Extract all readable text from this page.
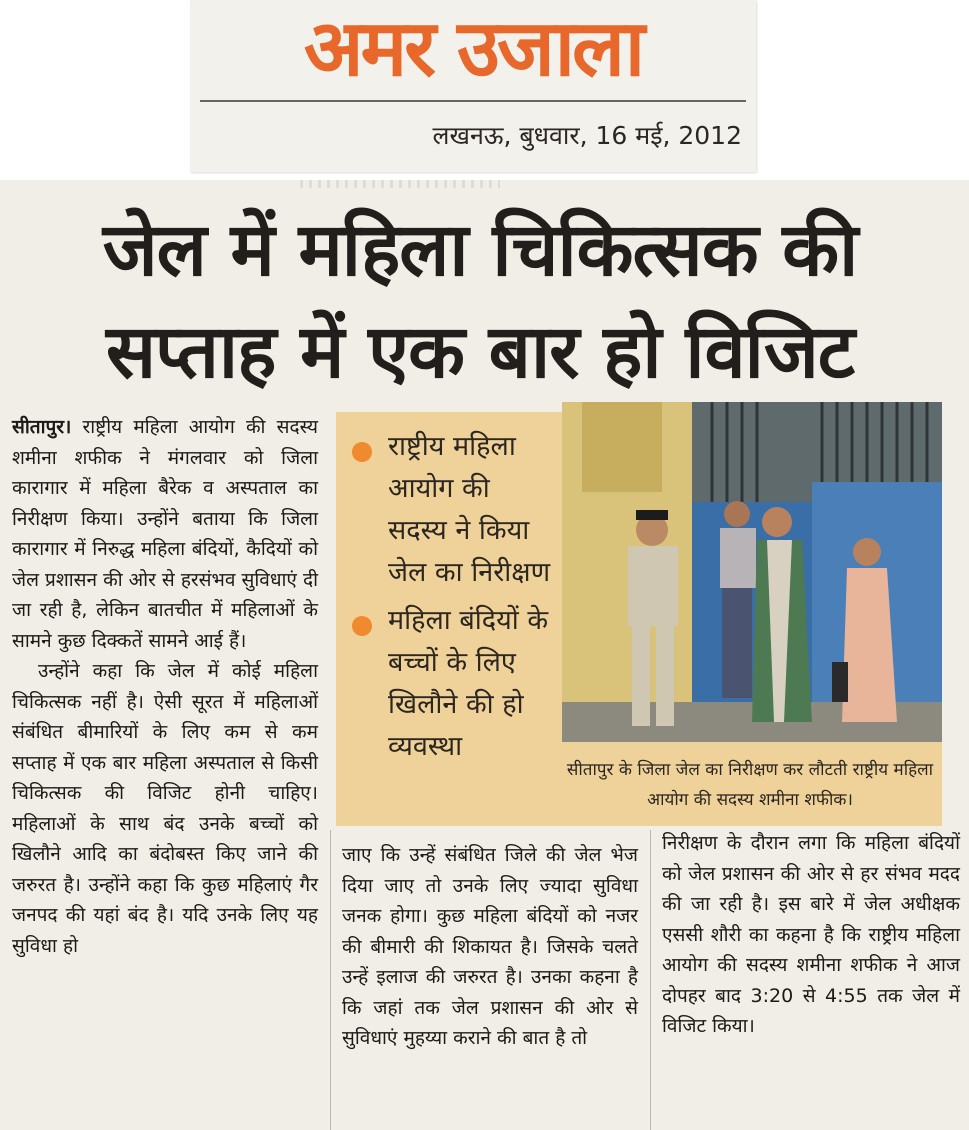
अमर उजाला
लखनऊ, बुधवार, 16 मई, 2012
जेल में महिला चिकित्सक की
सप्ताह में एक बार हो विजिट

सीतापुर। राष्ट्रीय महिला आयोग की सदस्य शमीना शफीक ने मंगलवार को जिला कारागार में महिला बैरेक व अस्पताल का निरीक्षण किया। उन्होंने बताया कि जिला कारागार में निरुद्ध महिला बंदियों, कैदियों को जेल प्रशासन की ओर से हरसंभव सुविधाएं दी जा रही है, लेकिन बातचीत में महिलाओं के सामने कुछ दिक्कतें सामने आई हैं।

उन्होंने कहा कि जेल में कोई महिला चिकित्सक नहीं है। ऐसी सूरत में महिलाओं संबंधित बीमारियों के लिए कम से कम सप्ताह में एक बार महिला अस्पताल से किसी चिकित्सक की विजिट होनी चाहिए। महिलाओं के साथ बंद उनके बच्चों को खिलौने आदि का बंदोबस्त किए जाने की जरुरत है। उन्होंने कहा कि कुछ महिलाएं गैर जनपद की यहां बंद है। यदि उनके लिए यह सुविधा हो

राष्ट्रीय महिला आयोग की सदस्य ने किया जेल का निरीक्षण
महिला बंदियों के बच्चों के लिए खिलौने की हो व्यवस्था
सीतापुर के जिला जेल का निरीक्षण कर लौटती राष्ट्रीय महिला आयोग की सदस्य शमीना शफीक।
जाए कि उन्हें संबंधित जिले की जेल भेज दिया जाए तो उनके लिए ज्यादा सुविधा जनक होगा। कुछ महिला बंदियों को नजर की बीमारी की शिकायत है। जिसके चलते उन्हें इलाज की जरुरत है। उनका कहना है कि जहां तक जेल प्रशासन की ओर से सुविधाएं मुहय्या कराने की बात है तो
निरीक्षण के दौरान लगा कि महिला बंदियों को जेल प्रशासन की ओर से हर संभव मदद की जा रही है। इस बारे में जेल अधीक्षक एससी शौरी का कहना है कि राष्ट्रीय महिला आयोग की सदस्य शमीना शफीक ने आज दोपहर बाद 3:20 से 4:55 तक जेल में विजिट किया।
